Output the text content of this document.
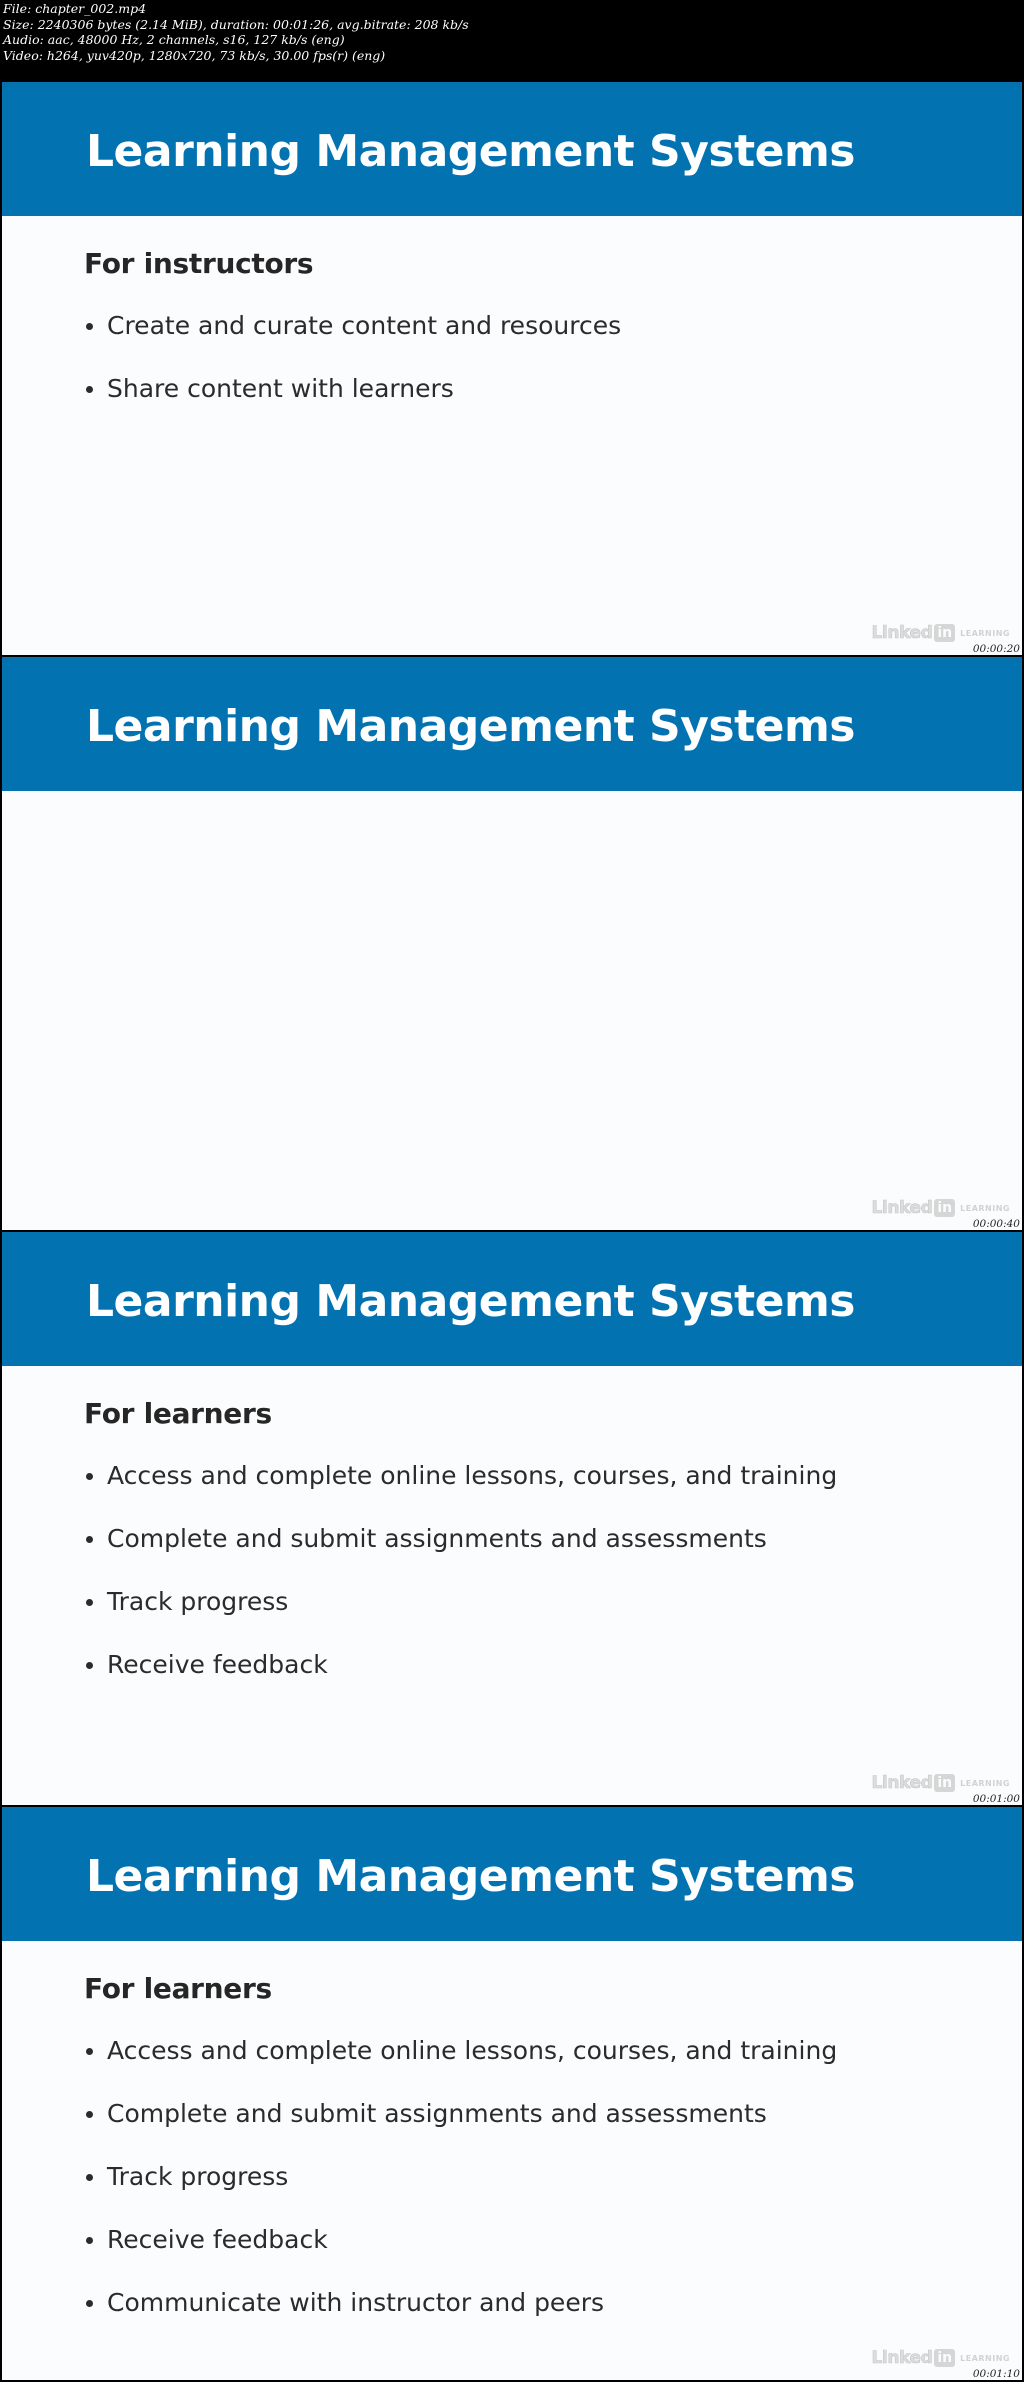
File: chapter_002.mp4
Size: 2240306 bytes (2.14 MiB), duration: 00:01:26, avg.bitrate: 208 kb/s
Audio: aac, 48000 Hz, 2 channels, s16, 127 kb/s (eng)
Video: h264, yuv420p, 1280x720, 73 kb/s, 30.00 fps(r) (eng)
Learning Management Systems
For instructors
Create and curate content and resources
Share content with learners
Linked in	LEARNING
00:00:20
Learning Management Systems
Linked in	LEARNING
00:00:40
Learning Management Systems
For learners
Access and complete online lessons, courses, and training
Complete and submit assignments and assessments
Track progress
Receive feedback
Linked in	LEARNING
00:01:00
Learning Management Systems
For learners
Access and complete online lessons, courses, and training
Complete and submit assignments and assessments
Track progress
Receive feedback
Communicate with instructor and peers
Linked in	LEARNING
00:01:10
